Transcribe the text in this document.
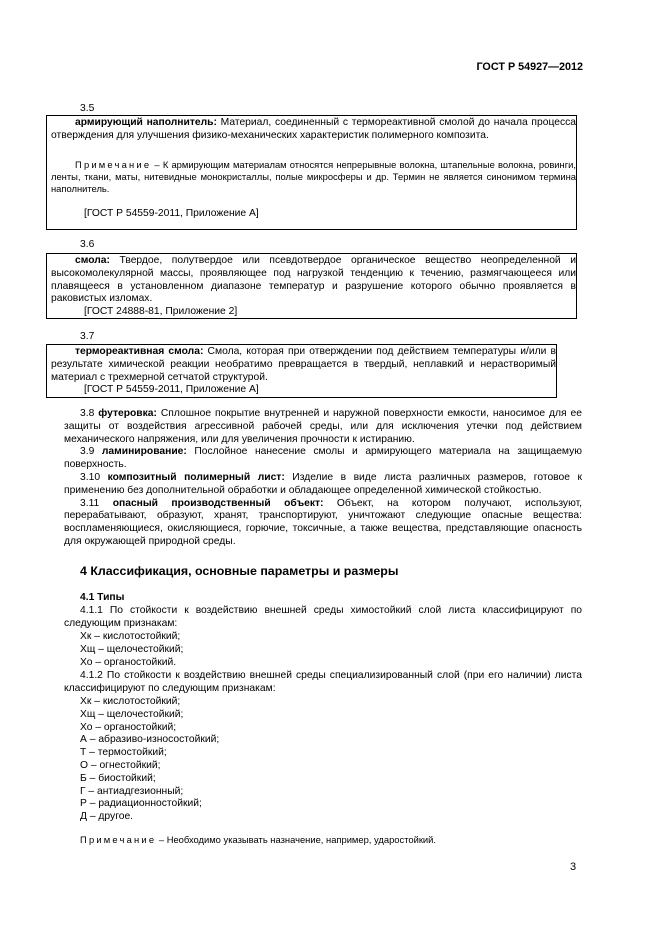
ГОСТ Р 54927—2012
3.5

армирующий наполнитель: Материал, соединенный с термореактивной смолой до начала процесса отверждения для улучшения физико-механических характеристик полимерного композита.

Примечание – К армирующим материалам относятся непрерывные волокна, штапельные волокна, ровинги, ленты, ткани, маты, нитевидные монокристаллы, полые микросферы и др. Термин не является синонимом термина наполнитель.

[ГОСТ Р 54559-2011, Приложение А]

3.6

смола: Твердое, полутвердое или псевдотвердое органическое вещество неопределенной и высокомолекулярной массы, проявляющее под нагрузкой тенденцию к течению, размягчающееся или плавящееся в установленном диапазоне температур и разрушение которого обычно проявляется в раковистых изломах.

[ГОСТ 24888-81, Приложение 2]

3.7

термореактивная смола: Смола, которая при отверждении под действием температуры и/или в результате химической реакции необратимо превращается в твердый, неплавкий и нерастворимый материал с трехмерной сетчатой структурой.

[ГОСТ Р 54559-2011, Приложение А]

3.8 футеровка: Сплошное покрытие внутренней и наружной поверхности емкости, наносимое для ее защиты от воздействия агрессивной рабочей среды, или для исключения утечки под действием механического напряжения, или для увеличения прочности к истиранию.

3.9 ламинирование: Послойное нанесение смолы и армирующего материала на защищаемую поверхность.

3.10 композитный полимерный лист: Изделие в виде листа различных размеров, готовое к применению без дополнительной обработки и обладающее определенной химической стойкостью.

3.11 опасный производственный объект: Объект, на котором получают, используют, перерабатывают, образуют, хранят, транспортируют, уничтожают следующие опасные вещества: воспламеняющиеся, окисляющиеся, горючие, токсичные, а также вещества, представляющие опасность для окружающей природной среды.

4 Классификация, основные параметры и размеры
4.1 Типы

4.1.1 По стойкости к воздействию внешней среды химостойкий слой листа классифицируют по следующим признакам:

Хк – кислотостойкий;
Хщ – щелочестойкий;
Хо – органостойкий.

4.1.2 По стойкости к воздействию внешней среды специализированный слой (при его наличии) листа классифицируют по следующим признакам:

Хк – кислотостойкий;
Хщ – щелочестойкий;
Хо – органостойкий;
А – абразиво-износостойкий;
Т – термостойкий;
О – огнестойкий;
Б – биостойкий;
Г – антиадгезионный;
Р – радиационностойкий;
Д – другое.
Примечание – Необходимо указывать назначение, например, ударостойкий.
3
